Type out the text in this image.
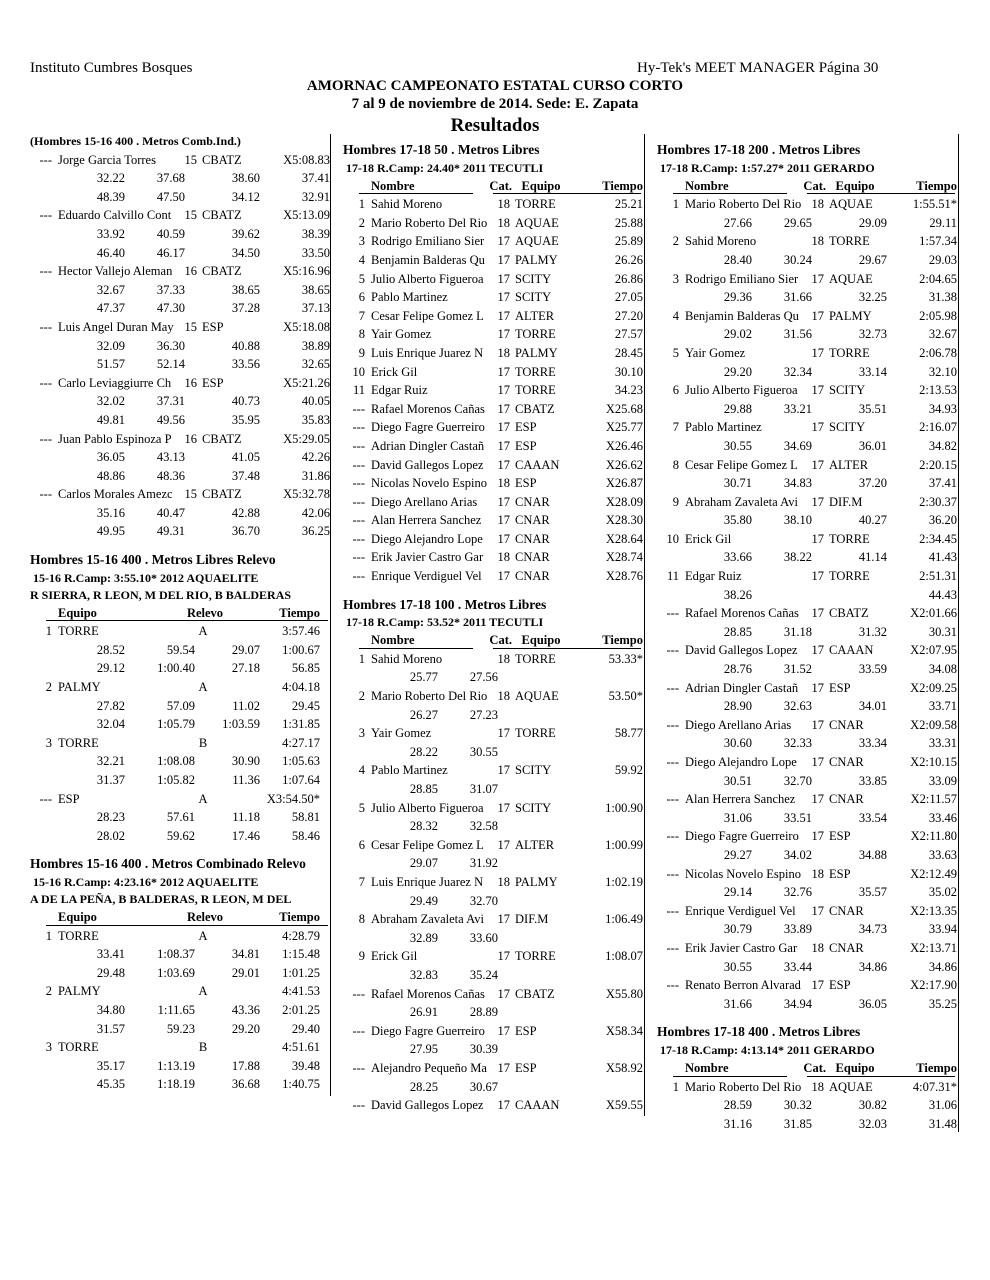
Instituto Cumbres Bosques	Hy-Tek's MEET MANAGER Página 30
AMORNAC CAMPEONATO ESTATAL CURSO CORTO
7 al 9 de noviembre de 2014. Sede: E. Zapata
Resultados
(Hombres 15-16 400 . Metros Comb.Ind.)
--- Jorge Garcia Torres	15 CBATZ	X5:08.83
32.22	37.68	38.60	37.41
48.39	47.50	34.12	32.91
--- Eduardo Calvillo Cont	15 CBATZ	X5:13.09
33.92	40.59	39.62	38.39
46.40	46.17	34.50	33.50
--- Hector Vallejo Aleman 16 CBATZ	X5:16.96
32.67	37.33	38.65	38.65
47.37	47.30	37.28	37.13
--- Luis Angel Duran May 15 ESP	X5:18.08
32.09	36.30	40.88	38.89
51.57	52.14	33.56	32.65
--- Carlo Leviaggiurre Ch	16 ESP	X5:21.26
32.02	37.31	40.73	40.05
49.81	49.56	35.95	35.83
--- Juan Pablo Espinoza P	16 CBATZ	X5:29.05
36.05	43.13	41.05	42.26
48.86	48.36	37.48	31.86
--- Carlos Morales Amezc 15 CBATZ	X5:32.78
35.16	40.47	42.88	42.06
49.95	49.31	36.70	36.25
Hombres 15-16 400 . Metros Libres Relevo
15-16 R.Camp: 3:55.10* 2012 AQUAELITE
R SIERRA, R LEON, M DEL RIO, B BALDERAS
Equipo	Relevo	Tiempo
1 TORRE	A	3:57.46
28.52	59.54	29.07	1:00.67
29.12	1:00.40	27.18	56.85
2 PALMY	A	4:04.18
27.82	57.09	11.02	29.45
32.04	1:05.79	1:03.59	1:31.85
3 TORRE	B	4:27.17
32.21	1:08.08	30.90	1:05.63
31.37	1:05.82	11.36	1:07.64
--- ESP	A	X3:54.50*
28.23	57.61	11.18	58.81
28.02	59.62	17.46	58.46
Hombres 15-16 400 . Metros Combinado Relevo
15-16 R.Camp: 4:23.16* 2012 AQUAELITE
A DE LA PEÑA, B BALDERAS, R LEON, M DEL
Equipo	Relevo	Tiempo
1 TORRE	A	4:28.79
33.41	1:08.37	34.81	1:15.48
29.48	1:03.69	29.01	1:01.25
2 PALMY	A	4:41.53
34.80	1:11.65	43.36	2:01.25
31.57	59.23	29.20	29.40
3 TORRE	B	4:51.61
35.17	1:13.19	17.88	39.48
45.35	1:18.19	36.68	1:40.75
Hombres 17-18 50 . Metros Libres
17-18 R.Camp: 24.40* 2011 TECUTLI
Nombre	Cat. Equipo	Tiempo
1 Sahid Moreno	18 TORRE	25.21
2 Mario Roberto Del Rio 18 AQUAE	25.88
3 Rodrigo Emiliano Sier	17 AQUAE	25.89
4 Benjamin Balderas Qu	17 PALMY	26.26
5 Julio Alberto Figueroa	17 SCITY	26.86
6 Pablo Martinez	17 SCITY	27.05
7 Cesar Felipe Gomez L	17 ALTER	27.20
8 Yair Gomez	17 TORRE	27.57
9 Luis Enrique Juarez N	18 PALMY	28.45
10 Erick Gil	17 TORRE	30.10
11 Edgar Ruiz	17 TORRE	34.23
--- Rafael Morenos Cañas	17 CBATZ	X25.68
--- Diego Fagre Guerreiro	17 ESP	X25.77
--- Adrian Dingler Castañ	17 ESP	X26.46
--- David Gallegos Lopez	17 CAAAN	X26.62
--- Nicolas Novelo Espino 18 ESP	X26.87
--- Diego Arellano Arias	17 CNAR	X28.09
--- Alan Herrera Sanchez	17 CNAR	X28.30
--- Diego Alejandro Lope	17 CNAR	X28.64
--- Erik Javier Castro Gar	18 CNAR	X28.74
--- Enrique Verdiguel Vel	17 CNAR	X28.76
Hombres 17-18 100 . Metros Libres
17-18 R.Camp: 53.52* 2011 TECUTLI
Nombre	Cat. Equipo	Tiempo
1 Sahid Moreno	18 TORRE	53.33*
25.77	27.56
2 Mario Roberto Del Rio 18 AQUAE	53.50*
26.27	27.23
3 Yair Gomez	17 TORRE	58.77
28.22	30.55
4 Pablo Martinez	17 SCITY	59.92
28.85	31.07
5 Julio Alberto Figueroa	17 SCITY	1:00.90
28.32	32.58
6 Cesar Felipe Gomez L	17 ALTER	1:00.99
29.07	31.92
7 Luis Enrique Juarez N	18 PALMY	1:02.19
29.49	32.70
8 Abraham Zavaleta Avi	17 DIF.M	1:06.49
32.89	33.60
9 Erick Gil	17 TORRE	1:08.07
32.83	35.24
--- Rafael Morenos Cañas	17 CBATZ	X55.80
26.91	28.89
--- Diego Fagre Guerreiro	17 ESP	X58.34
27.95	30.39
--- Alejandro Pequeño Ma 17 ESP	X58.92
28.25	30.67
--- David Gallegos Lopez	17 CAAAN	X59.55
Hombres 17-18 200 . Metros Libres
17-18 R.Camp: 1:57.27* 2011 GERARDO
Nombre	Cat. Equipo	Tiempo
1 Mario Roberto Del Rio 18 AQUAE	1:55.51*
27.66	29.65	29.09	29.11
2 Sahid Moreno	18 TORRE	1:57.34
28.40	30.24	29.67	29.03
3 Rodrigo Emiliano Sier	17 AQUAE	2:04.65
29.36	31.66	32.25	31.38
4 Benjamin Balderas Qu	17 PALMY	2:05.98
29.02	31.56	32.73	32.67
5 Yair Gomez	17 TORRE	2:06.78
29.20	32.34	33.14	32.10
6 Julio Alberto Figueroa	17 SCITY	2:13.53
29.88	33.21	35.51	34.93
7 Pablo Martinez	17 SCITY	2:16.07
30.55	34.69	36.01	34.82
8 Cesar Felipe Gomez L	17 ALTER	2:20.15
30.71	34.83	37.20	37.41
9 Abraham Zavaleta Avi	17 DIF.M	2:30.37
35.80	38.10	40.27	36.20
10 Erick Gil	17 TORRE	2:34.45
33.66	38.22	41.14	41.43
11 Edgar Ruiz	17 TORRE	2:51.31
38.26	44.43
--- Rafael Morenos Cañas	17 CBATZ	X2:01.66
28.85	31.18	31.32	30.31
--- David Gallegos Lopez	17 CAAAN	X2:07.95
28.76	31.52	33.59	34.08
--- Adrian Dingler Castañ	17 ESP	X2:09.25
28.90	32.63	34.01	33.71
--- Diego Arellano Arias	17 CNAR	X2:09.58
30.60	32.33	33.34	33.31
--- Diego Alejandro Lope	17 CNAR	X2:10.15
30.51	32.70	33.85	33.09
--- Alan Herrera Sanchez	17 CNAR	X2:11.57
31.06	33.51	33.54	33.46
--- Diego Fagre Guerreiro	17 ESP	X2:11.80
29.27	34.02	34.88	33.63
--- Nicolas Novelo Espino 18 ESP	X2:12.49
29.14	32.76	35.57	35.02
--- Enrique Verdiguel Vel	17 CNAR	X2:13.35
30.79	33.89	34.73	33.94
--- Erik Javier Castro Gar	18 CNAR	X2:13.71
30.55	33.44	34.86	34.86
--- Renato Berron Alvarad 17 ESP	X2:17.90
31.66	34.94	36.05	35.25
Hombres 17-18 400 . Metros Libres
17-18 R.Camp: 4:13.14* 2011 GERARDO
Nombre	Cat. Equipo	Tiempo
1 Mario Roberto Del Rio 18 AQUAE	4:07.31*
28.59	30.32	30.82	31.06
31.16	31.85	32.03	31.48
